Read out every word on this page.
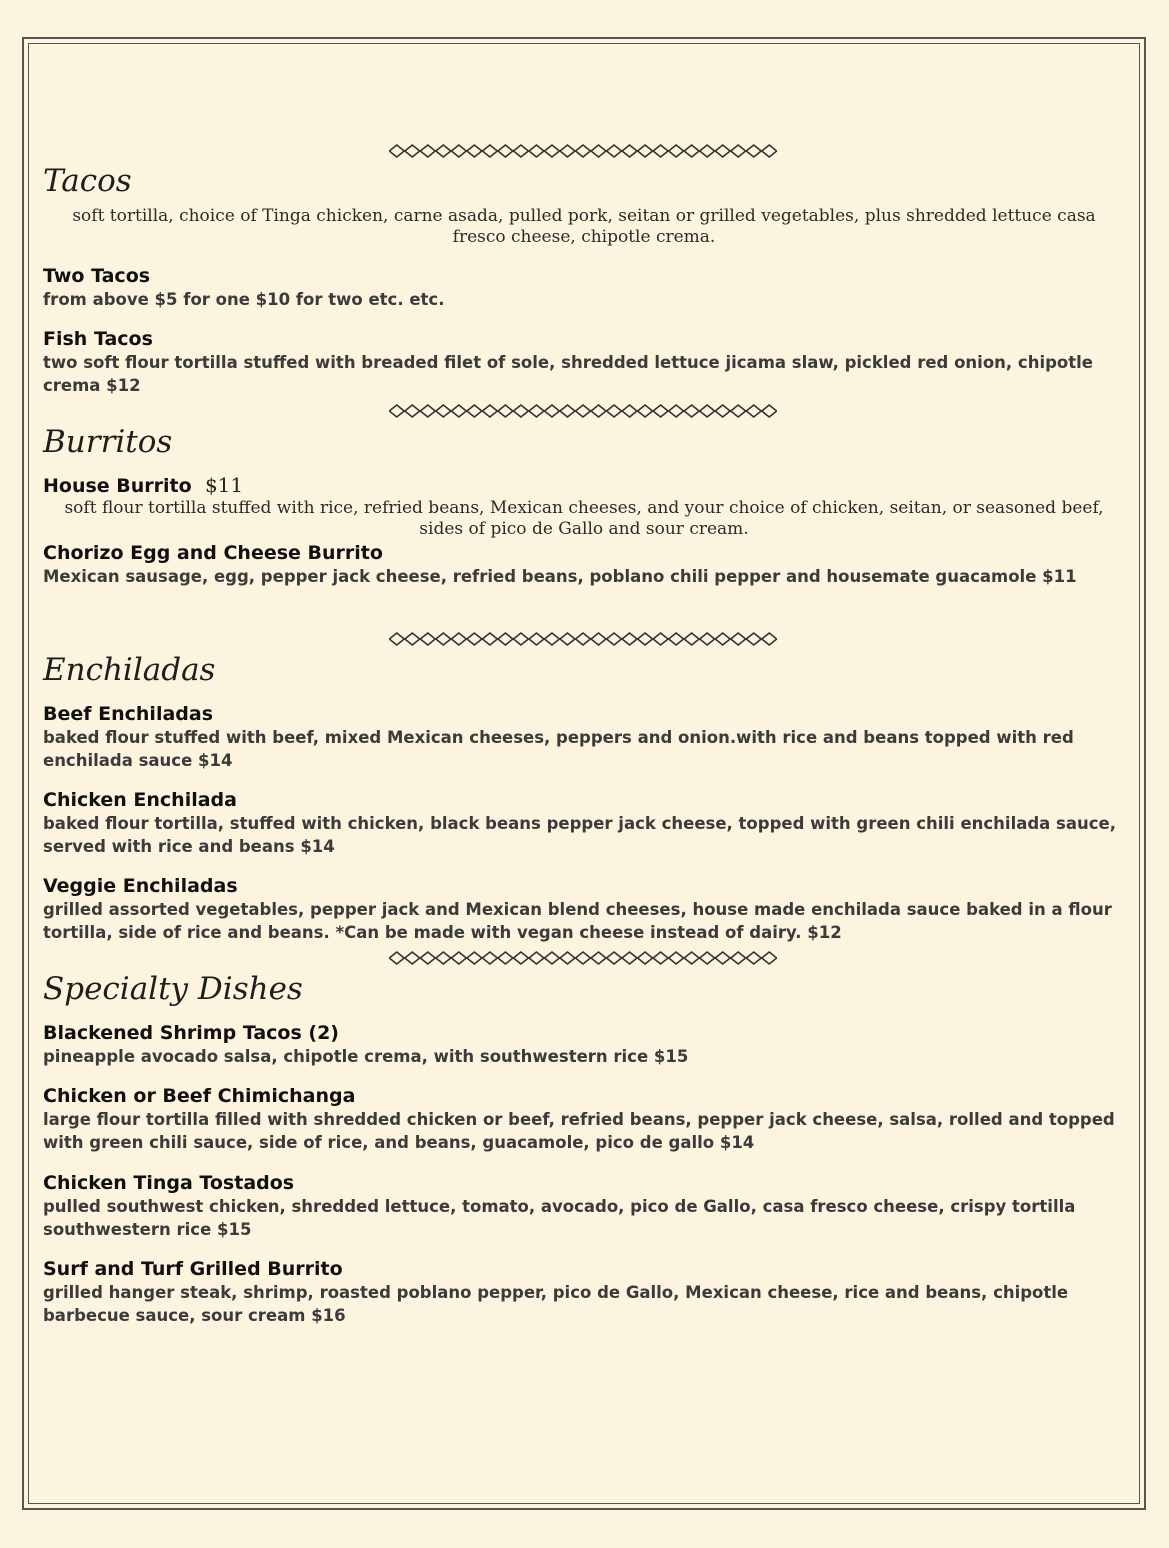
Tacos
soft tortilla, choice of Tinga chicken, carne asada, pulled pork, seitan or grilled vegetables, plus shredded lettuce casa fresco cheese, chipotle crema.
Two Tacos
from above $5 for one $10 for two etc. etc.
Fish Tacos
two soft flour tortilla stuffed with breaded filet of sole, shredded lettuce jicama slaw, pickled red onion, chipotle crema $12
Burritos
House Burrito $11
soft flour tortilla stuffed with rice, refried beans, Mexican cheeses, and your choice of chicken, seitan, or seasoned beef, sides of pico de Gallo and sour cream.
Chorizo Egg and Cheese Burrito
Mexican sausage, egg, pepper jack cheese, refried beans, poblano chili pepper and housemate guacamole $11
Enchiladas
Beef Enchiladas
baked flour stuffed with beef, mixed Mexican cheeses, peppers and onion.with rice and beans topped with red enchilada sauce $14
Chicken Enchilada
baked flour tortilla, stuffed with chicken, black beans pepper jack cheese, topped with green chili enchilada sauce, served with rice and beans $14
Veggie Enchiladas
grilled assorted vegetables, pepper jack and Mexican blend cheeses, house made enchilada sauce baked in a flour tortilla, side of rice and beans. *Can be made with vegan cheese instead of dairy. $12
Specialty Dishes
Blackened Shrimp Tacos (2)
pineapple avocado salsa, chipotle crema, with southwestern rice $15
Chicken or Beef Chimichanga
large flour tortilla filled with shredded chicken or beef, refried beans, pepper jack cheese, salsa, rolled and topped with green chili sauce, side of rice, and beans, guacamole, pico de gallo $14
Chicken Tinga Tostados
pulled southwest chicken, shredded lettuce, tomato, avocado, pico de Gallo, casa fresco cheese, crispy tortilla southwestern rice $15
Surf and Turf Grilled Burrito
grilled hanger steak, shrimp, roasted poblano pepper, pico de Gallo, Mexican cheese, rice and beans, chipotle barbecue sauce, sour cream $16
